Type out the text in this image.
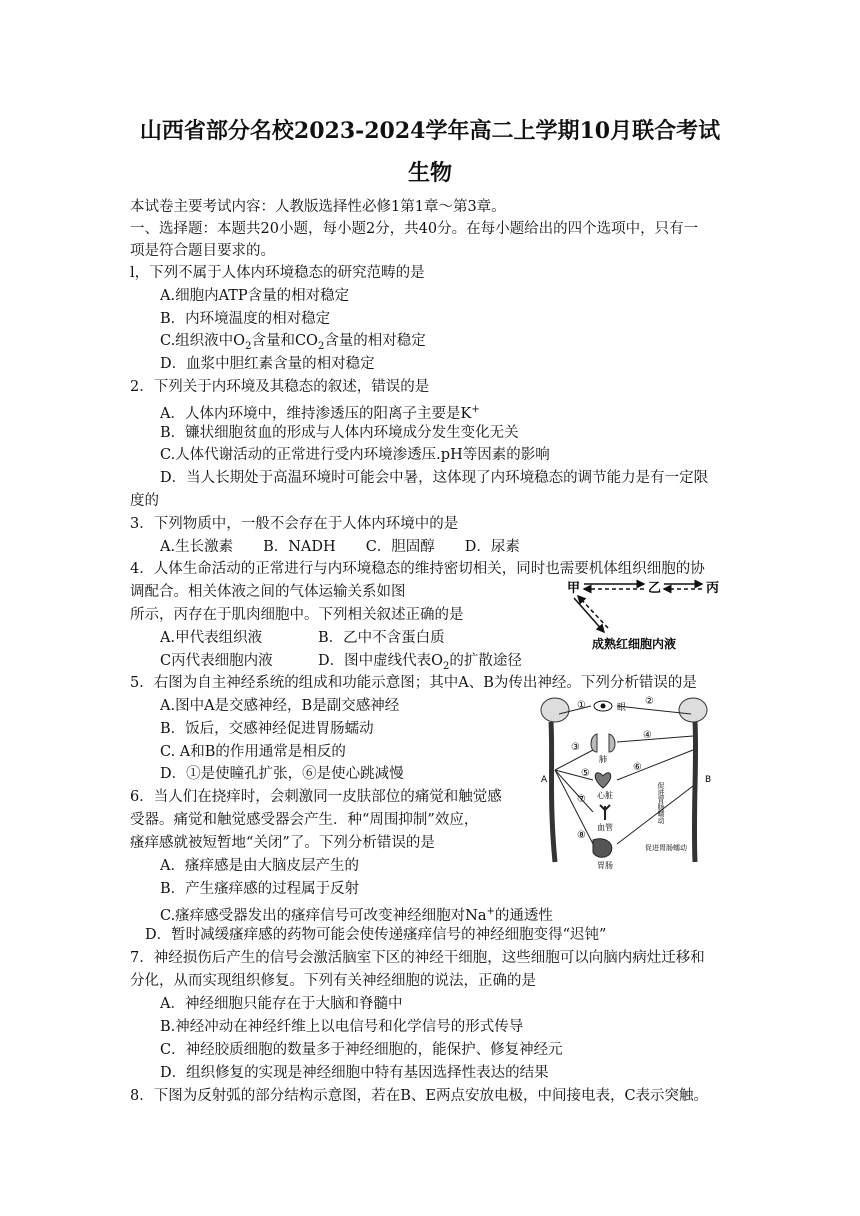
山西省部分名校2023-2024学年高二上学期10月联合考试
生物
本试卷主要考试内容：人教版选择性必修1第1章～第3章。
一、选择题：本题共20小题，每小题2分，共40分。在每小题给出的四个选项中，只有一
项是符合题目要求的。
l，下列不属于人体内环境稳态的研究范畴的是
A.细胞内ATP含量的相对稳定
B．内环境温度的相对稳定
C.组织液中$O_2$含量和$CO_2$含量的相对稳定
D．血浆中胆红素含量的相对稳定
2．下列关于内环境及其稳态的叙述，错误的是
A．人体内环境中，维持渗透压的阳离子主要是K+
B．镰状细胞贫血的形成与人体内环境成分发生变化无关
C.人体代谢活动的正常进行受内环境渗透压.pH等因素的影响
D．当人长期处于高温环境时可能会中暑，这体现了内环境稳态的调节能力是有一定限
度的
3．下列物质中，一般不会存在于人体内环境中的是
A.生长激素 B．NADH C．胆固醇 D．尿素
4．人体生命活动的正常进行与内环境稳态的维持密切相关，同时也需要机体组织细胞的协
调配合。相关体液之间的气体运输关系如图
所示，丙存在于肌肉细胞中。下列相关叙述正确的是
A.甲代表组织液	B．乙中不含蛋白质
C丙代表细胞内液	D．图中虚线代表$O_2$的扩散途径
甲	乙	丙
成熟红细胞内液
5．右图为自主神经系统的组成和功能示意图；其中A、B为传出神经。下列分析错误的是
A.图中A是交感神经，B是副交感神经
B．饭后，交感神经促进胃肠蠕动
C. A和B的作用通常是相反的
D．①是使瞳孔扩张，⑥是使心跳减慢
眼
肺
心脏
血管
胃肠
A	B
①	②
③
④
⑤
⑥
⑦
⑧
促进胃肠蠕动
促进胃肠蠕动
6．当人们在挠痒时，会刺激同一皮肤部位的痛觉和触觉感
受器。痛觉和触觉感受器会产生．种“周围抑制”效应，
瘙痒感就被短暂地“关闭”了。下列分析错误的是
A．瘙痒感是由大脑皮层产生的
B．产生瘙痒感的过程属于反射
C.瘙痒感受器发出的瘙痒信号可改变神经细胞对Na+的通透性
D．暂时减缓瘙痒感的药物可能会使传递瘙痒信号的神经细胞变得“迟钝”
7．神经损伤后产生的信号会激活脑室下区的神经干细胞，这些细胞可以向脑内病灶迁移和
分化，从而实现组织修复。下列有关神经细胞的说法，正确的是
A．神经细胞只能存在于大脑和脊髓中
B.神经冲动在神经纤维上以电信号和化学信号的形式传导
C．神经胶质细胞的数量多于神经细胞的，能保护、修复神经元
D．组织修复的实现是神经细胞中特有基因选择性表达的结果
8．下图为反射弧的部分结构示意图，若在B、E两点安放电极，中间接电表，C表示突触。
